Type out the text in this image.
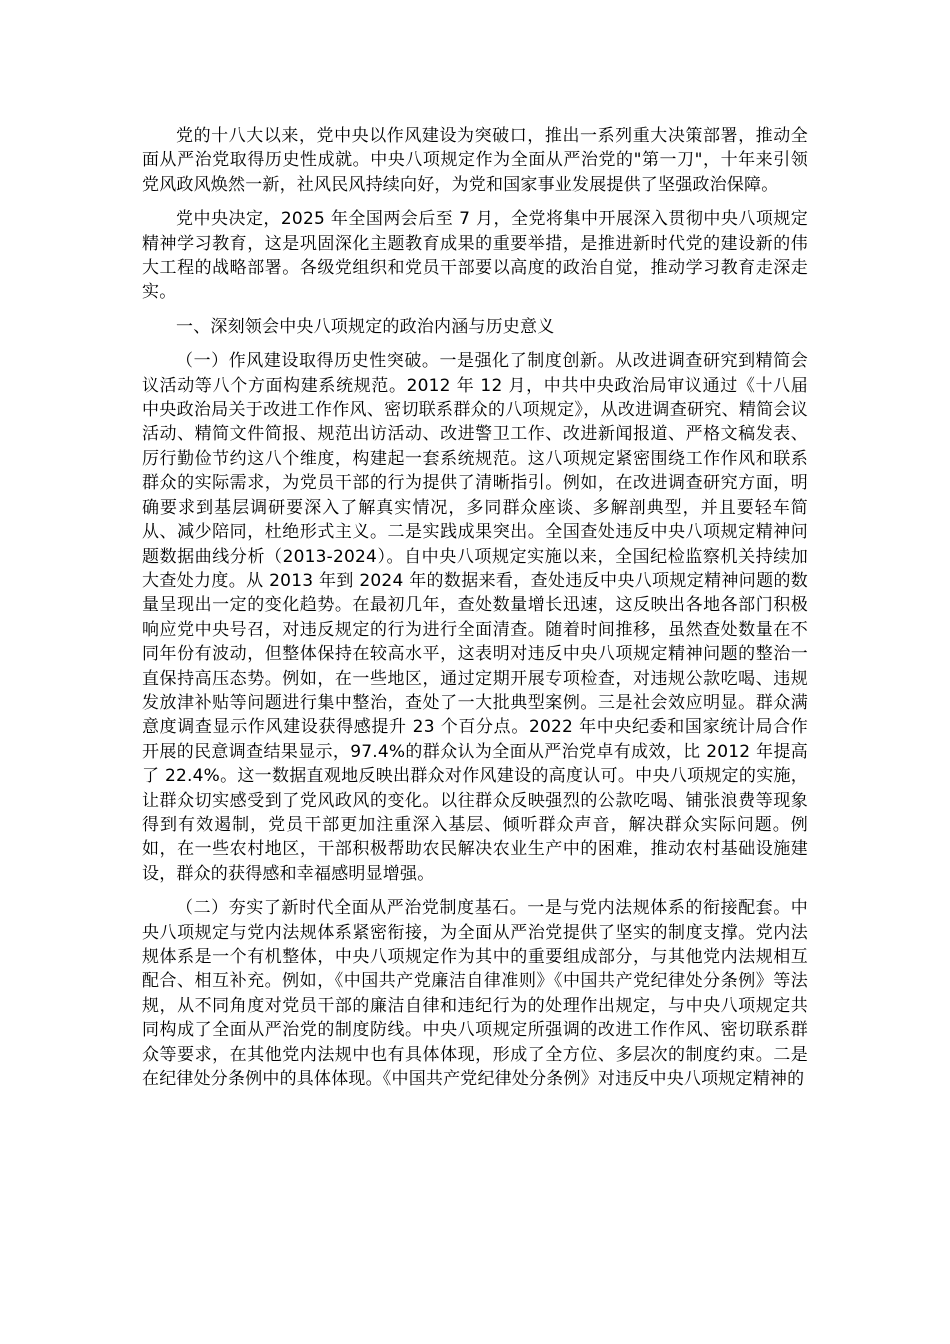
党的十八大以来，党中央以作风建设为突破口，推出一系列重大决策部署，推动全面从严治党取得历史性成就。中央八项规定作为全面从严治党的"第一刀"，十年来引领党风政风焕然一新，社风民风持续向好，为党和国家事业发展提供了坚强政治保障。

党中央决定，2025 年全国两会后至 7 月，全党将集中开展深入贯彻中央八项规定精神学习教育，这是巩固深化主题教育成果的重要举措，是推进新时代党的建设新的伟大工程的战略部署。各级党组织和党员干部要以高度的政治自觉，推动学习教育走深走实。

一、深刻领会中央八项规定的政治内涵与历史意义

（一）作风建设取得历史性突破。一是强化了制度创新。从改进调查研究到精简会议活动等八个方面构建系统规范。2012 年 12 月，中共中央政治局审议通过《十八届中央政治局关于改进工作作风、密切联系群众的八项规定》，从改进调查研究、精简会议活动、精简文件简报、规范出访活动、改进警卫工作、改进新闻报道、严格文稿发表、厉行勤俭节约这八个维度，构建起一套系统规范。这八项规定紧密围绕工作作风和联系群众的实际需求，为党员干部的行为提供了清晰指引。例如，在改进调查研究方面，明确要求到基层调研要深入了解真实情况，多同群众座谈、多解剖典型，并且要轻车简从、减少陪同，杜绝形式主义。二是实践成果突出。全国查处违反中央八项规定精神问题数据曲线分析（2013-2024）。自中央八项规定实施以来，全国纪检监察机关持续加大查处力度。从 2013 年到 2024 年的数据来看，查处违反中央八项规定精神问题的数量呈现出一定的变化趋势。在最初几年，查处数量增长迅速，这反映出各地各部门积极响应党中央号召，对违反规定的行为进行全面清查。随着时间推移，虽然查处数量在不同年份有波动，但整体保持在较高水平，这表明对违反中央八项规定精神问题的整治一直保持高压态势。例如，在一些地区，通过定期开展专项检查，对违规公款吃喝、违规发放津补贴等问题进行集中整治，查处了一大批典型案例。三是社会效应明显。群众满意度调查显示作风建设获得感提升 23 个百分点。2022 年中央纪委和国家统计局合作开展的民意调查结果显示，97.4%的群众认为全面从严治党卓有成效，比 2012 年提高了 22.4%。这一数据直观地反映出群众对作风建设的高度认可。中央八项规定的实施，让群众切实感受到了党风政风的变化。以往群众反映强烈的公款吃喝、铺张浪费等现象得到有效遏制，党员干部更加注重深入基层、倾听群众声音，解决群众实际问题。例如，在一些农村地区，干部积极帮助农民解决农业生产中的困难，推动农村基础设施建设，群众的获得感和幸福感明显增强。

（二）夯实了新时代全面从严治党制度基石。一是与党内法规体系的衔接配套。中央八项规定与党内法规体系紧密衔接，为全面从严治党提供了坚实的制度支撑。党内法规体系是一个有机整体，中央八项规定作为其中的重要组成部分，与其他党内法规相互配合、相互补充。例如，《中国共产党廉洁自律准则》《中国共产党纪律处分条例》等法规，从不同角度对党员干部的廉洁自律和违纪行为的处理作出规定，与中央八项规定共同构成了全面从严治党的制度防线。中央八项规定所强调的改进工作作风、密切联系群众等要求，在其他党内法规中也有具体体现，形成了全方位、多层次的制度约束。二是在纪律处分条例中的具体体现。《中国共产党纪律处分条例》对违反中央八项规定精神的
